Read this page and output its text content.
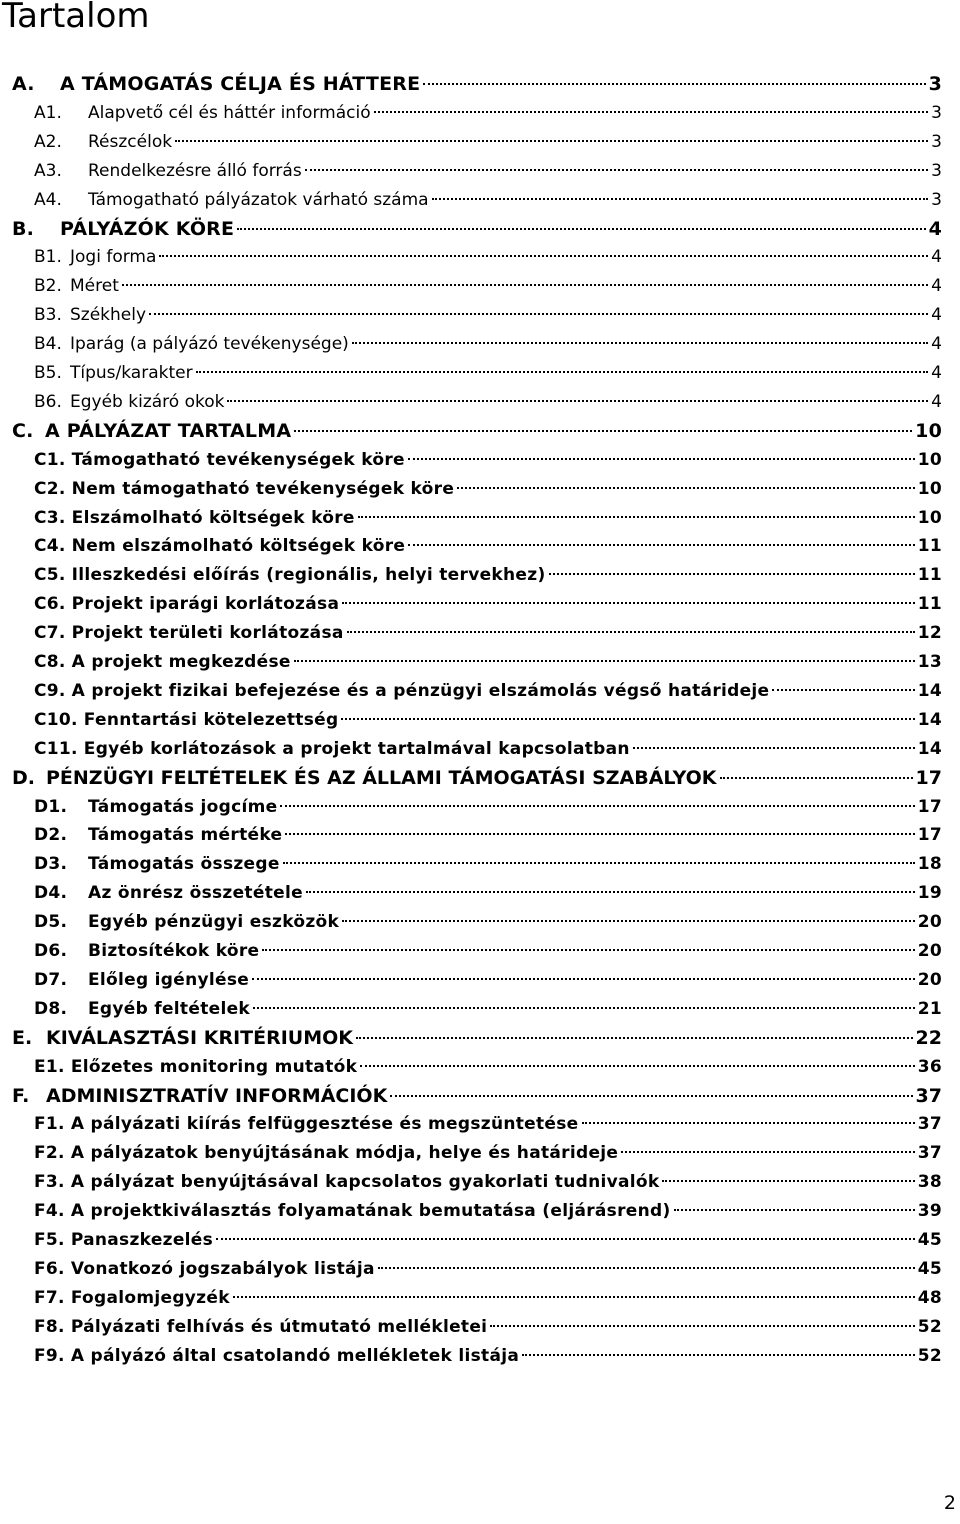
Tartalom
A.	A TÁMOGATÁS CÉLJA ÉS HÁTTERE	3
A1.	Alapvető cél és háttér információ	3
A2.	Részcélok	3
A3.	Rendelkezésre álló forrás	3
A4.	Támogatható pályázatok várható száma	3
B.	PÁLYÁZÓK KÖRE	4
B1. Jogi forma	4
B2. Méret	4
B3. Székhely	4
B4. Iparág (a pályázó tevékenysége)	4
B5. Típus/karakter	4
B6. Egyéb kizáró okok	4
C. A PÁLYÁZAT TARTALMA	10
C1. Támogatható tevékenységek köre	10
C2. Nem támogatható tevékenységek köre	10
C3. Elszámolható költségek köre	10
C4. Nem elszámolható költségek köre	11
C5. Illeszkedési előírás (regionális, helyi tervekhez)	11
C6. Projekt iparági korlátozása	11
C7. Projekt területi korlátozása	12
C8. A projekt megkezdése	13
C9. A projekt fizikai befejezése és a pénzügyi elszámolás végső határideje	14
C10. Fenntartási kötelezettség	14
C11. Egyéb korlátozások a projekt tartalmával kapcsolatban	14
D. PÉNZÜGYI FELTÉTELEK ÉS AZ ÁLLAMI TÁMOGATÁSI SZABÁLYOK	17
D1.	Támogatás jogcíme	17
D2.	Támogatás mértéke	17
D3.	Támogatás összege	18
D4.	Az önrész összetétele	19
D5.	Egyéb pénzügyi eszközök	20
D6.	Biztosítékok köre	20
D7.	Előleg igénylése	20
D8.	Egyéb feltételek	21
E. KIVÁLASZTÁSI KRITÉRIUMOK	22
E1. Előzetes monitoring mutatók	36
F. ADMINISZTRATÍV INFORMÁCIÓK	37
F1. A pályázati kiírás felfüggesztése és megszüntetése	37
F2. A pályázatok benyújtásának módja, helye és határideje	37
F3. A pályázat benyújtásával kapcsolatos gyakorlati tudnivalók	38
F4. A projektkiválasztás folyamatának bemutatása (eljárásrend)	39
F5. Panaszkezelés	45
F6. Vonatkozó jogszabályok listája	45
F7. Fogalomjegyzék	48
F8. Pályázati felhívás és útmutató mellékletei	52
F9. A pályázó által csatolandó mellékletek listája	52
2
